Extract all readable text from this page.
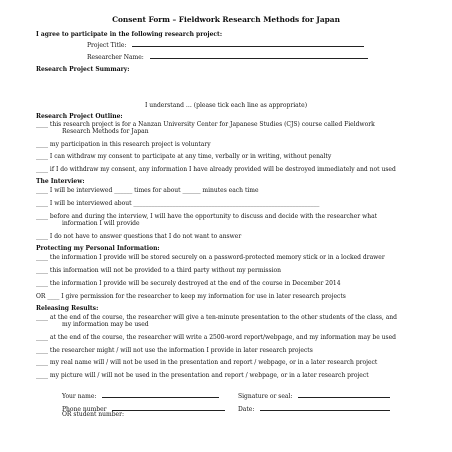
Consent Form – Fieldwork Research Methods for Japan
I agree to participate in the following research project:
Project Title:
Researcher Name:
Research Project Summary:
I understand … (please tick each line as appropriate)
Research Project Outline:
____ this research project is for a Nanzan University Center for Japanese Studies (CJS) course called Fieldwork
Research Methods for Japan
____ my participation in this research project is voluntary
____ I can withdraw my consent to participate at any time, verbally or in writing, without penalty
____ if I do withdraw my consent, any information I have already provided will be destroyed immediately and not used
The Interview:
____ I will be interviewed ______ times for about ______ minutes each time
____ I will be interviewed about ______________________________________________________________
____ before and during the interview, I will have the opportunity to discuss and decide with the researcher what
information I will provide
____ I do not have to answer questions that I do not want to answer
Protecting my Personal Information:
____ the information I provide will be stored securely on a password-protected memory stick or in a locked drawer
____ this information will not be provided to a third party without my permission
____ the information I provide will be securely destroyed at the end of the course in December 2014
OR ____ I give permission for the researcher to keep my information for use in later research projects
Releasing Results:
____ at the end of the course, the researcher will give a ten-minute presentation to the other students of the class, and
my information may be used
____ at the end of the course, the researcher will write a 2500-word report/webpage, and my information may be used
____ the researcher might / will not use the information I provide in later research projects
____ my real name will / will not be used in the presentation and report / webpage, or in a later research project
____ my picture will / will not be used in the presentation and report / webpage, or in a later research project
Your name:	Signature or seal:
Phone number
OR student number:
Date:
